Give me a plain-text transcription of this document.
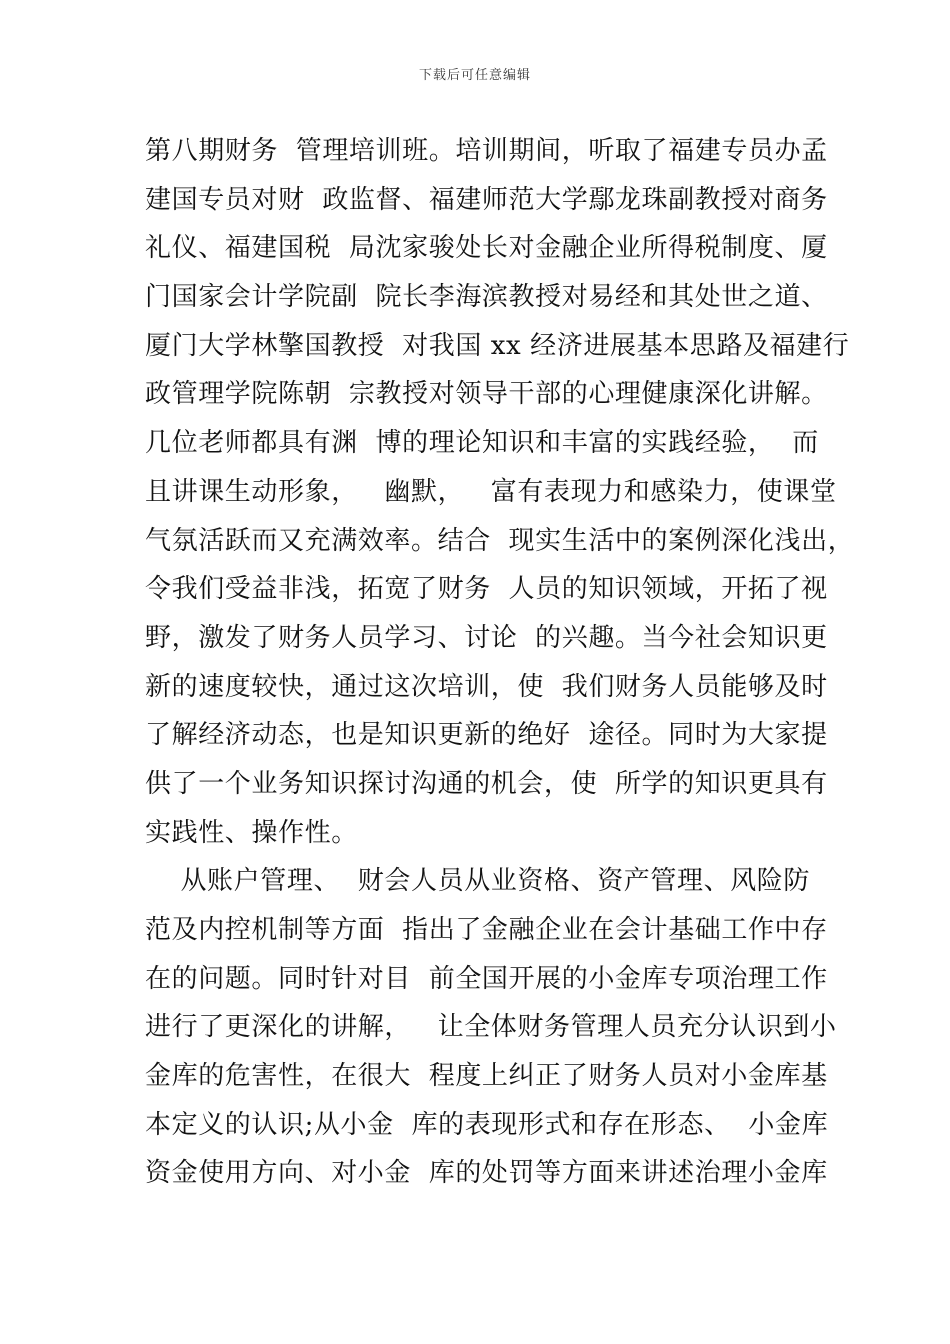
下载后可任意编辑
第八期财务  管理培训班。培训期间，听取了福建专员办孟
建国专员对财  政监督、福建师范大学鄢龙珠副教授对商务
礼仪、福建国税  局沈家骏处长对金融企业所得税制度、厦
门国家会计学院副  院长李海滨教授对易经和其处世之道、
厦门大学林擎国教授  对我国 xx 经济进展基本思路及福建行
政管理学院陈朝  宗教授对领导干部的心理健康深化讲解。
几位老师都具有渊  博的理论知识和丰富的实践经验，  而
且讲课生动形象，   幽默，   富有表现力和感染力，使课堂
气氛活跃而又充满效率。结合  现实生活中的案例深化浅出，
令我们受益非浅，拓宽了财务  人员的知识领域，开拓了视
野，激发了财务人员学习、讨论  的兴趣。当今社会知识更
新的速度较快，通过这次培训，使  我们财务人员能够及时
了解经济动态，也是知识更新的绝好  途径。同时为大家提
供了一个业务知识探讨沟通的机会，使  所学的知识更具有
实践性、操作性。
从账户管理、  财会人员从业资格、资产管理、风险防
范及内控机制等方面  指出了金融企业在会计基础工作中存
在的问题。同时针对目  前全国开展的小金库专项治理工作
进行了更深化的讲解，   让全体财务管理人员充分认识到小
金库的危害性，在很大  程度上纠正了财务人员对小金库基
本定义的认识;从小金  库的表现形式和存在形态、  小金库
资金使用方向、对小金  库的处罚等方面来讲述治理小金库
